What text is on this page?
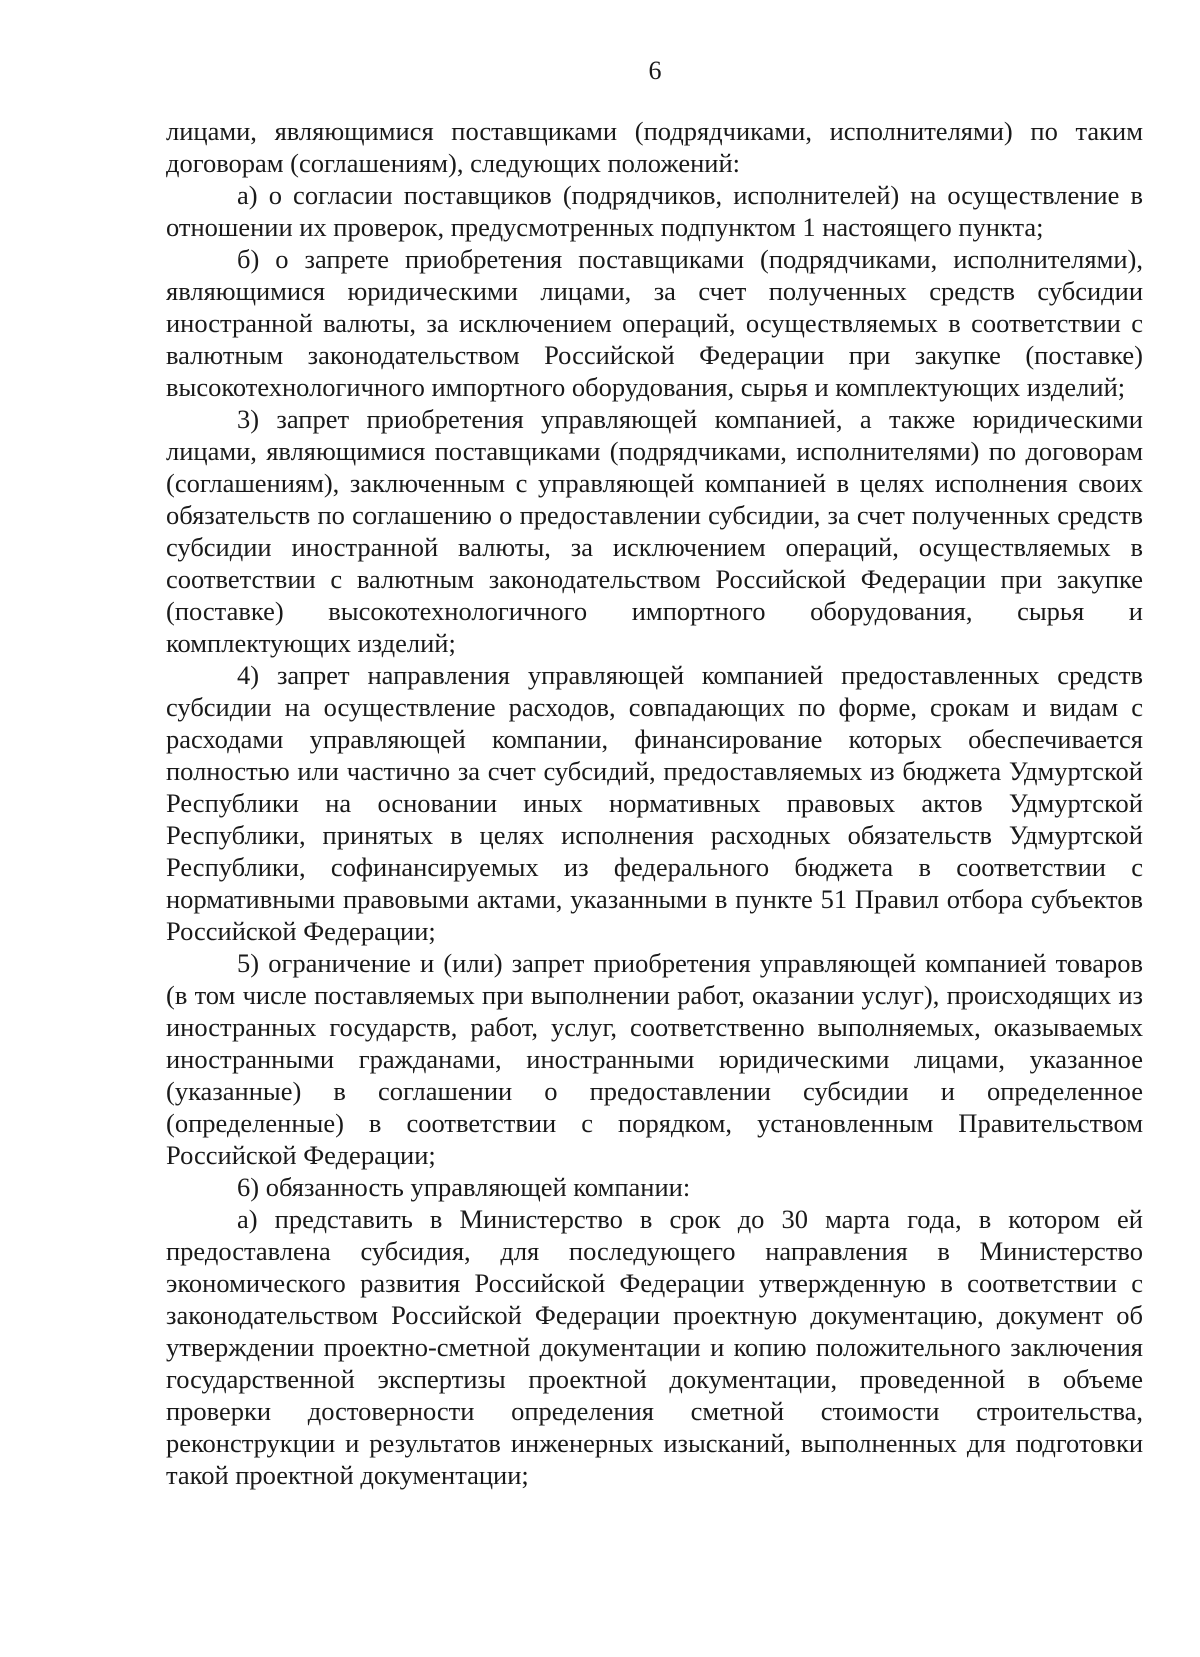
6

лицами, являющимися поставщиками (подрядчиками, исполнителями) по таким договорам (соглашениям), следующих положений:

а) о согласии поставщиков (подрядчиков, исполнителей) на осуществление в отношении их проверок, предусмотренных подпунктом 1 настоящего пункта;

б) о запрете приобретения поставщиками (подрядчиками, исполнителями), являющимися юридическими лицами, за счет полученных средств субсидии иностранной валюты, за исключением операций, осуществляемых в соответствии с валютным законодательством Российской Федерации при закупке (поставке) высокотехнологичного импортного оборудования, сырья и комплектующих изделий;

3) запрет приобретения управляющей компанией, а также юридическими лицами, являющимися поставщиками (подрядчиками, исполнителями) по договорам (соглашениям), заключенным с управляющей компанией в целях исполнения своих обязательств по соглашению о предоставлении субсидии, за счет полученных средств субсидии иностранной валюты, за исключением операций, осуществляемых в соответствии с валютным законодательством Российской Федерации при закупке (поставке) высокотехнологичного импортного оборудования, сырья и комплектующих изделий;

4) запрет направления управляющей компанией предоставленных средств субсидии на осуществление расходов, совпадающих по форме, срокам и видам с расходами управляющей компании, финансирование которых обеспечивается полностью или частично за счет субсидий, предоставляемых из бюджета Удмуртской Республики на основании иных нормативных правовых актов Удмуртской Республики, принятых в целях исполнения расходных обязательств Удмуртской Республики, софинансируемых из федерального бюджета в соответствии с нормативными правовыми актами, указанными в пункте 51 Правил отбора субъектов Российской Федерации;

5) ограничение и (или) запрет приобретения управляющей компанией товаров (в том числе поставляемых при выполнении работ, оказании услуг), происходящих из иностранных государств, работ, услуг, соответственно выполняемых, оказываемых иностранными гражданами, иностранными юридическими лицами, указанное (указанные) в соглашении о предоставлении субсидии и определенное (определенные) в соответствии с порядком, установленным Правительством Российской Федерации;

6) обязанность управляющей компании:

а) представить в Министерство в срок до 30 марта года, в котором ей предоставлена субсидия, для последующего направления в Министерство экономического развития Российской Федерации утвержденную в соответствии с законодательством Российской Федерации проектную документацию, документ об утверждении проектно-сметной документации и копию положительного заключения государственной экспертизы проектной документации, проведенной в объеме проверки достоверности определения сметной стоимости строительства, реконструкции и результатов инженерных изысканий, выполненных для подготовки такой проектной документации;
